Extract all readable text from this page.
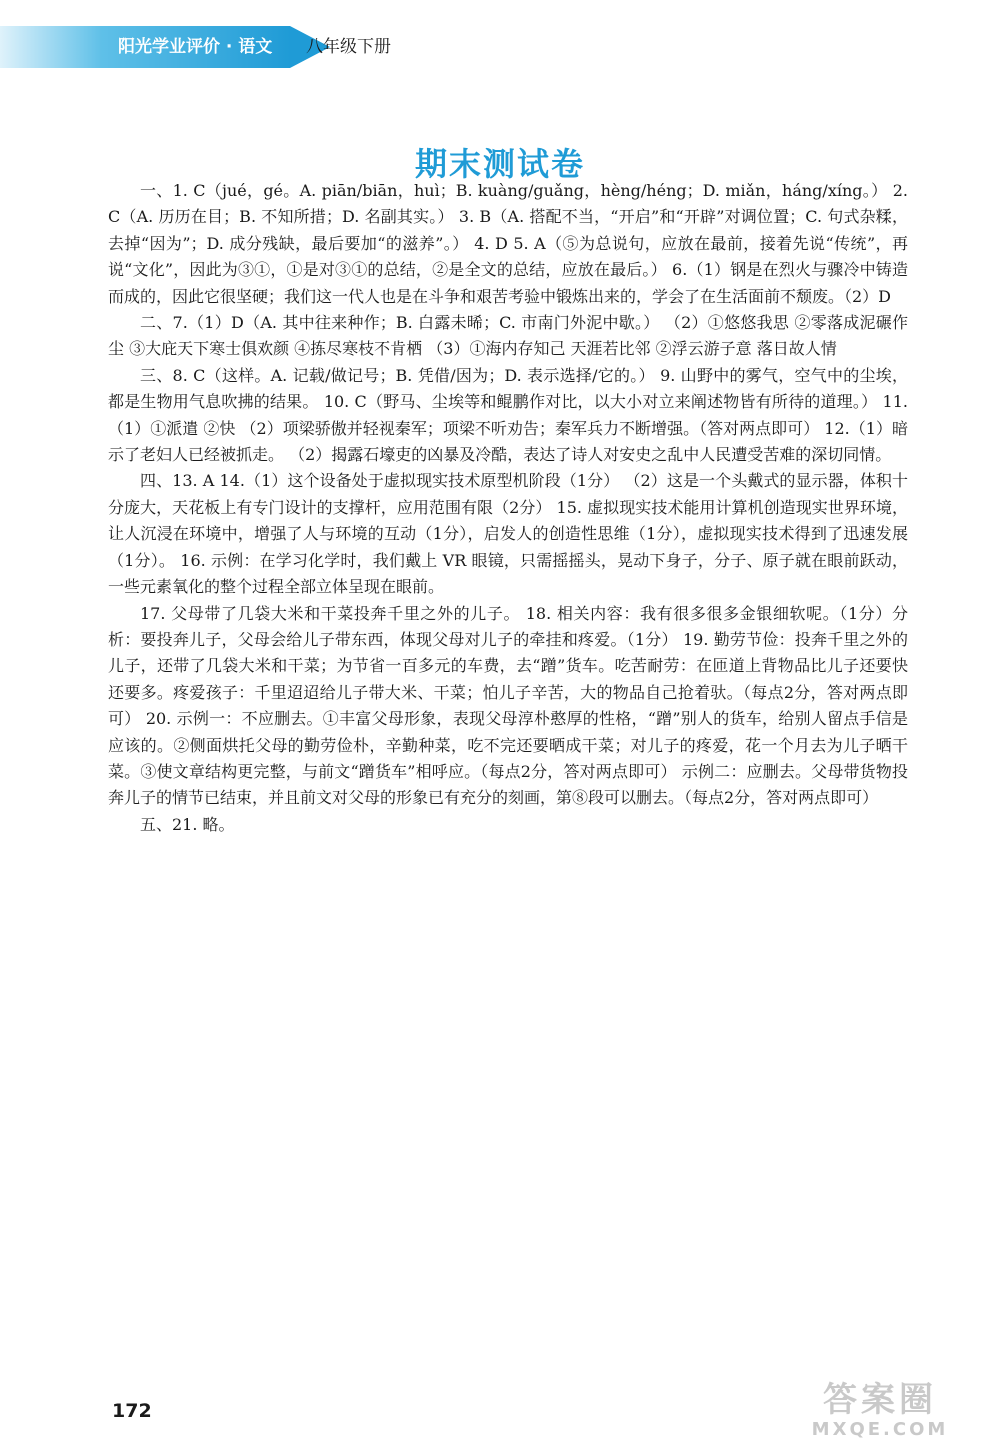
阳光学业评价 · 语文 八年级下册
期末测试卷

一、1. C（jué，gé。A. piān/biān，huì；B. kuàng/guǎng，hèng/héng；D. miǎn，háng/xíng。） 2. C（A. 历历在目；B. 不知所措；D. 名副其实。） 3. B（A. 搭配不当，“开启”和“开辟”对调位置；C. 句式杂糅，去掉“因为”；D. 成分残缺，最后要加“的滋养”。） 4. D 5. A（⑤为总说句，应放在最前，接着先说“传统”，再说“文化”，因此为③①，①是对③①的总结，②是全文的总结，应放在最后。） 6.（1）钢是在烈火与骤冷中铸造而成的，因此它很坚硬；我们这一代人也是在斗争和艰苦考验中锻炼出来的，学会了在生活面前不颓废。（2）D

二、7.（1）D（A. 其中往来种作；B. 白露未晞；C. 市南门外泥中歇。） （2）①悠悠我思 ②零落成泥碾作尘 ③大庇天下寒士俱欢颜 ④拣尽寒枝不肯栖 （3）①海内存知己 天涯若比邻 ②浮云游子意 落日故人情

三、8. C（这样。A. 记载/做记号；B. 凭借/因为；D. 表示选择/它的。） 9. 山野中的雾气，空气中的尘埃，都是生物用气息吹拂的结果。 10. C（野马、尘埃等和鲲鹏作对比，以大小对立来阐述物皆有所待的道理。） 11.（1）①派遣 ②快 （2）项梁骄傲并轻视秦军；项梁不听劝告；秦军兵力不断增强。（答对两点即可） 12.（1）暗示了老妇人已经被抓走。 （2）揭露石壕吏的凶暴及冷酷，表达了诗人对安史之乱中人民遭受苦难的深切同情。

四、13. A 14.（1）这个设备处于虚拟现实技术原型机阶段（1分） （2）这是一个头戴式的显示器，体积十分庞大，天花板上有专门设计的支撑杆，应用范围有限（2分） 15. 虚拟现实技术能用计算机创造现实世界环境，让人沉浸在环境中，增强了人与环境的互动（1分），启发人的创造性思维（1分），虚拟现实技术得到了迅速发展（1分）。 16. 示例：在学习化学时，我们戴上 VR 眼镜，只需摇摇头，晃动下身子，分子、原子就在眼前跃动，一些元素氧化的整个过程全部立体呈现在眼前。

17. 父母带了几袋大米和干菜投奔千里之外的儿子。 18. 相关内容：我有很多很多金银细软呢。（1分）分析：要投奔儿子，父母会给儿子带东西，体现父母对儿子的牵挂和疼爱。（1分） 19. 勤劳节俭：投奔千里之外的儿子，还带了几袋大米和干菜；为节省一百多元的车费，去“蹭”货车。吃苦耐劳：在匝道上背物品比儿子还要快还要多。疼爱孩子：千里迢迢给儿子带大米、干菜；怕儿子辛苦，大的物品自己抢着驮。（每点2分，答对两点即可） 20. 示例一：不应删去。①丰富父母形象，表现父母淳朴憨厚的性格，“蹭”别人的货车，给别人留点手信是应该的。②侧面烘托父母的勤劳俭朴，辛勤种菜，吃不完还要晒成干菜；对儿子的疼爱，花一个月去为儿子晒干菜。③使文章结构更完整，与前文“蹭货车”相呼应。（每点2分，答对两点即可） 示例二：应删去。父母带货物投奔儿子的情节已结束，并且前文对父母的形象已有充分的刻画，第⑧段可以删去。（每点2分，答对两点即可）

五、21. 略。

172	答案圈
MXQE.COM
